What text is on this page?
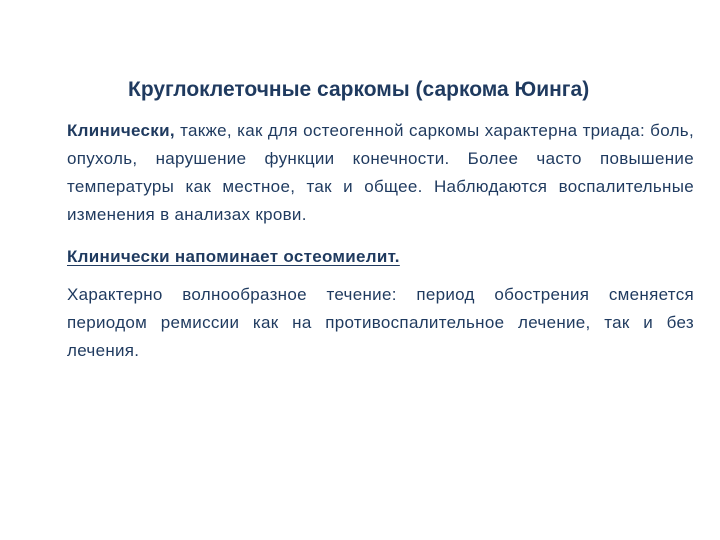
Круглоклеточные саркомы (саркома Юинга)

Клинически, также, как для остеогенной саркомы характерна триада: боль, опухоль, нарушение функции конечности. Более часто повышение температуры как местное, так и общее. Наблюдаются воспалительные изменения в анализах крови.

Клинически напоминает остеомиелит.

Характерно волнообразное течение: период обострения сменяется периодом ремиссии как на противоспалительное лечение, так и без лечения.
